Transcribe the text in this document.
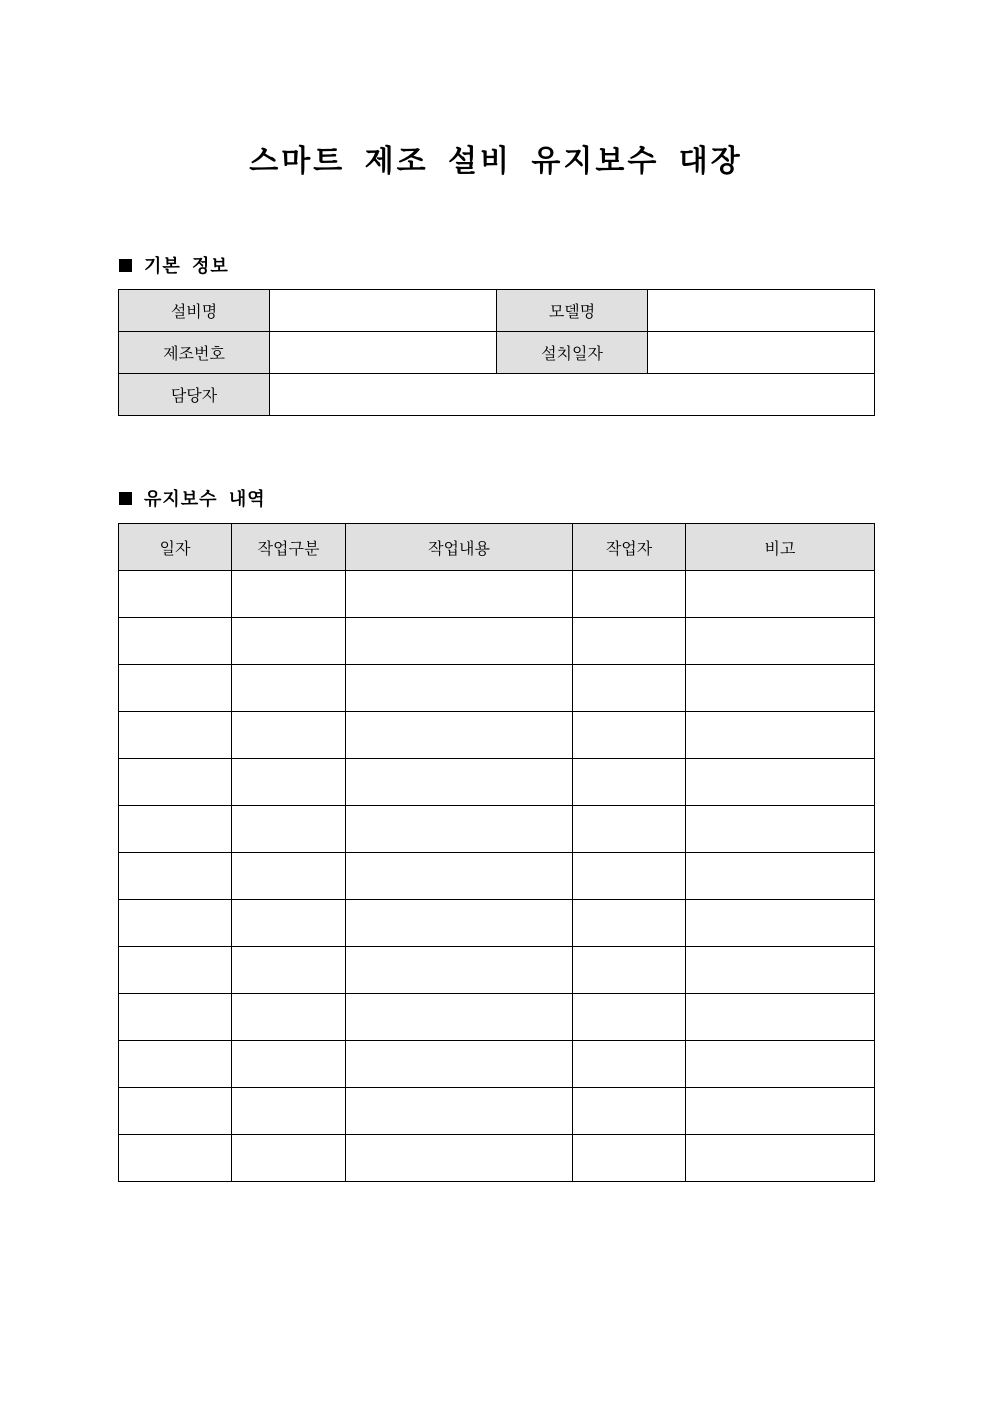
스마트 제조 설비 유지보수 대장
기본 정보
설비명		모델명	
제조번호		설치일자	
담당자			
유지보수 내역
일자	작업구분	작업내용	작업자	비고
